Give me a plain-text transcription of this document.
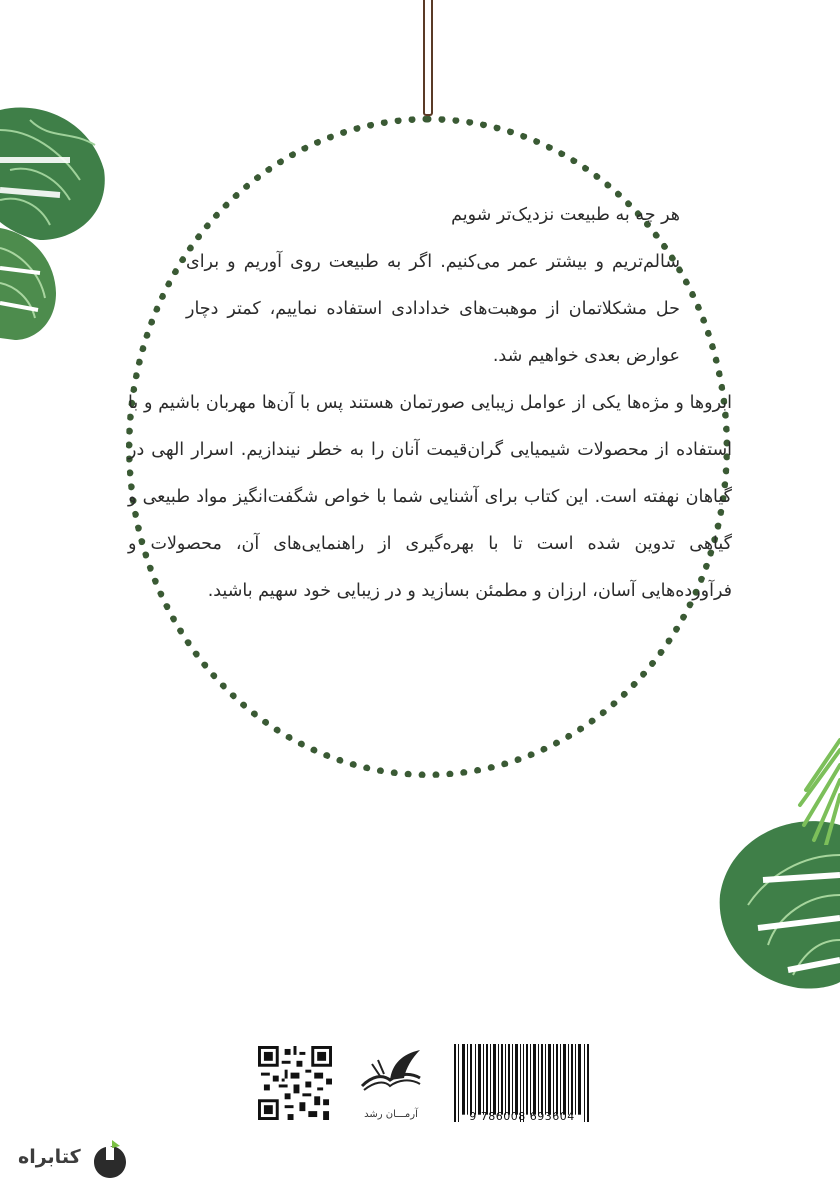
هر چه به طبیعت نزدیک‌تر شویم

سالم‌تریم و بیشتر عمر می‌کنیم. اگر به طبیعت روی آوریم و برای حل مشکلاتمان از موهبت‌های خدادادی استفاده نماییم، کمتر دچار عوارض بعدی خواهیم شد.

ابروها و مژه‌ها یکی از عوامل زیبایی صورتمان هستند پس با آن‌ها مهربان باشیم و با استفاده از محصولات شیمیایی گران‌قیمت آنان را به خطر نیندازیم. اسرار الهی در گیاهان نهفته است. این کتاب برای آشنایی شما با خواص شگفت‌انگیز مواد طبیعی و گیاهی تدوین شده است تا با بهره‌گیری از راهنمایی‌های آن، محصولات و فرآورده‌هایی آسان، ارزان و مطمئن بسازید و در زیبایی خود سهیم باشید.

آرمـــان رشد	9 786008 693604
کتابراه
